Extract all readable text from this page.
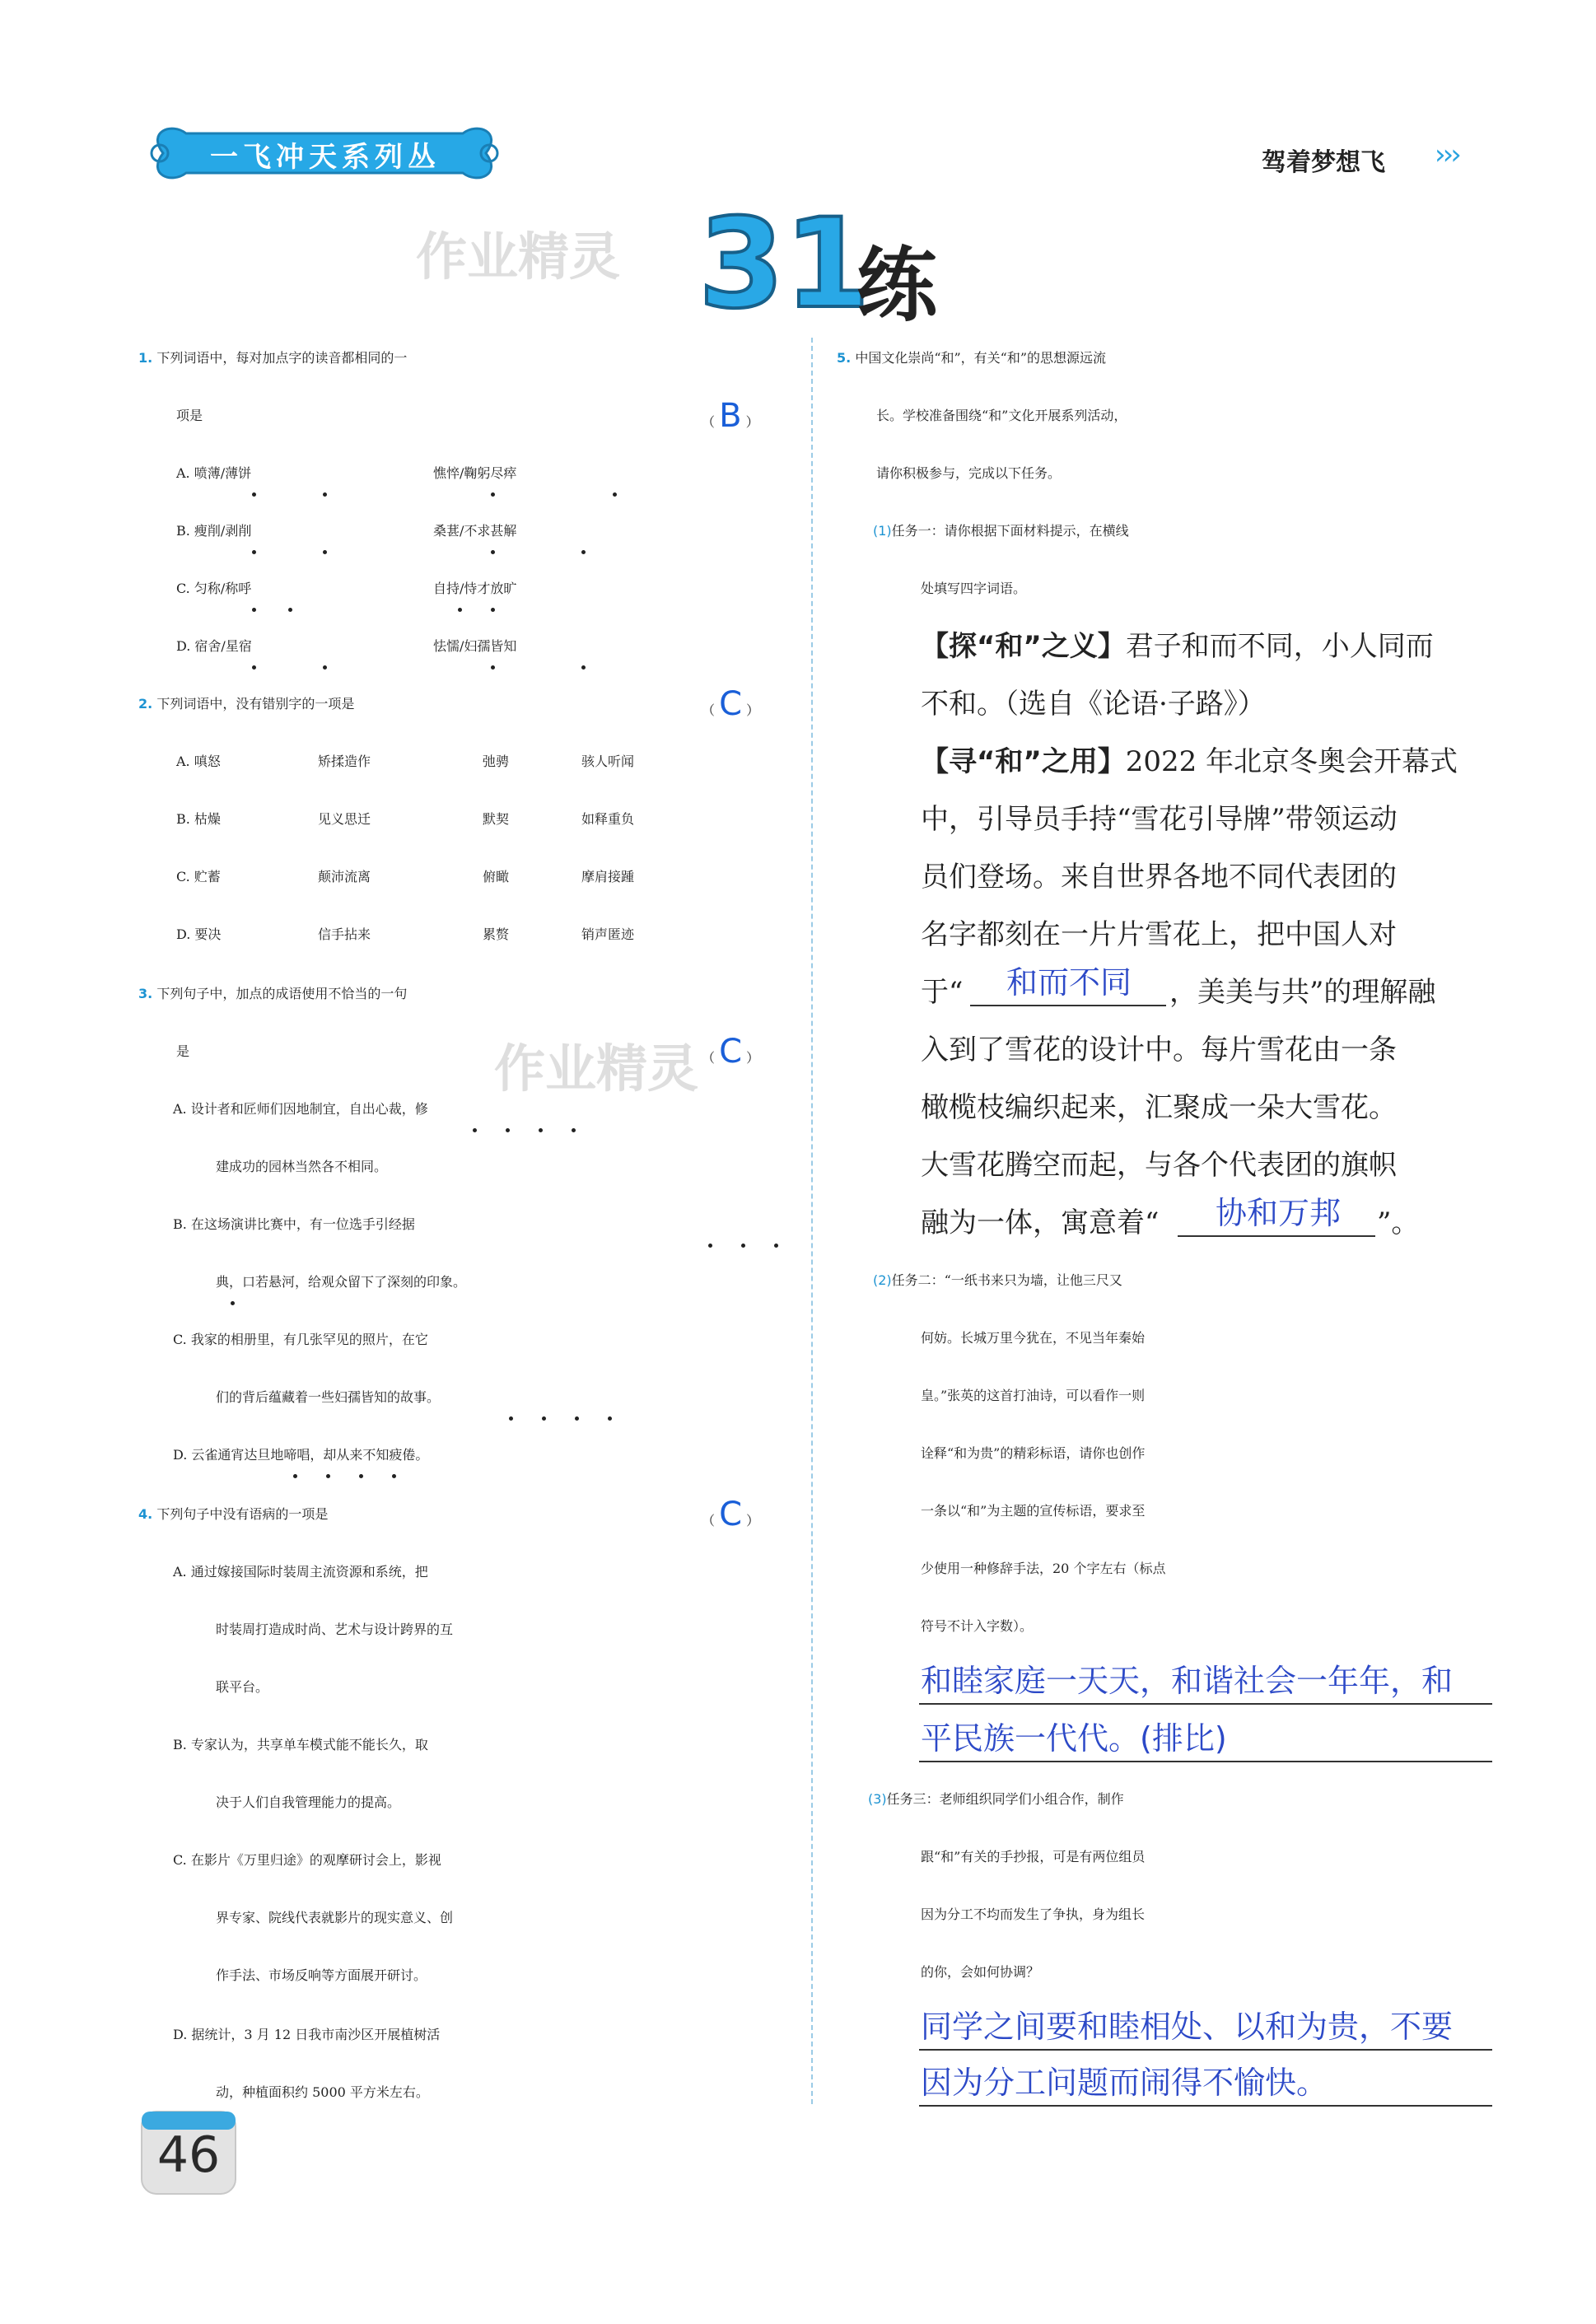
一飞冲天系列丛书
驾着梦想飞 ›››
作业精灵
作业精灵
31
练
1. 下列词语中，每对加点字的读音都相同的一
项是	（ B ）
A. 喷薄/薄饼	憔悴/鞠躬尽瘁
B. 瘦削/剥削	桑葚/不求甚解
C. 匀称/称呼	自持/恃才放旷
D. 宿舍/星宿	怯懦/妇孺皆知
2. 下列词语中，没有错别字的一项是	（ C ）
A. 嗔怒	矫揉造作	弛骋	骇人听闻
B. 枯燥	见义思迁	默契	如释重负
C. 贮蓄	颠沛流离	俯瞰	摩肩接踵
D. 要决	信手拈来	累赘	销声匿迹
3. 下列句子中，加点的成语使用不恰当的一句
是	（ C ）
A. 设计者和匠师们因地制宜，自出心裁，修
建成功的园林当然各不相同。
B. 在这场演讲比赛中，有一位选手引经据
典，口若悬河，给观众留下了深刻的印象。
C. 我家的相册里，有几张罕见的照片，在它
们的背后蕴藏着一些妇孺皆知的故事。
D. 云雀通宵达旦地啼唱，却从来不知疲倦。
4. 下列句子中没有语病的一项是	（ C ）
A. 通过嫁接国际时装周主流资源和系统，把
时装周打造成时尚、艺术与设计跨界的互
联平台。
B. 专家认为，共享单车模式能不能长久，取
决于人们自我管理能力的提高。
C. 在影片《万里归途》的观摩研讨会上，影视
界专家、院线代表就影片的现实意义、创
作手法、市场反响等方面展开研讨。
D. 据统计，3 月 12 日我市南沙区开展植树活
动，种植面积约 5000 平方米左右。
5. 中国文化崇尚“和”，有关“和”的思想源远流
长。学校准备围绕“和”文化开展系列活动，
请你积极参与，完成以下任务。
(1)任务一：请你根据下面材料提示，在横线
处填写四字词语。
【探“和”之义】君子和而不同，小人同而
不和。（选自《论语·子路》）
【寻“和”之用】2022 年北京冬奥会开幕式
中，引导员手持“雪花引导牌”带领运动
员们登场。来自世界各地不同代表团的
名字都刻在一片片雪花上，把中国人对
于“ 和而不同 ，美美与共”的理解融
入到了雪花的设计中。每片雪花由一条
橄榄枝编织起来，汇聚成一朵大雪花。
大雪花腾空而起，与各个代表团的旗帜
融为一体，寓意着“ 协和万邦 ”。
(2)任务二：“一纸书来只为墙，让他三尺又
何妨。长城万里今犹在，不见当年秦始
皇。”张英的这首打油诗，可以看作一则
诠释“和为贵”的精彩标语，请你也创作
一条以“和”为主题的宣传标语，要求至
少使用一种修辞手法，20 个字左右（标点
符号不计入字数）。
和睦家庭一天天，和谐社会一年年，和
平民族一代代。(排比)
(3)任务三：老师组织同学们小组合作，制作
跟“和”有关的手抄报，可是有两位组员
因为分工不均而发生了争执，身为组长
的你，会如何协调？
同学之间要和睦相处、以和为贵，不要
因为分工问题而闹得不愉快。
46
